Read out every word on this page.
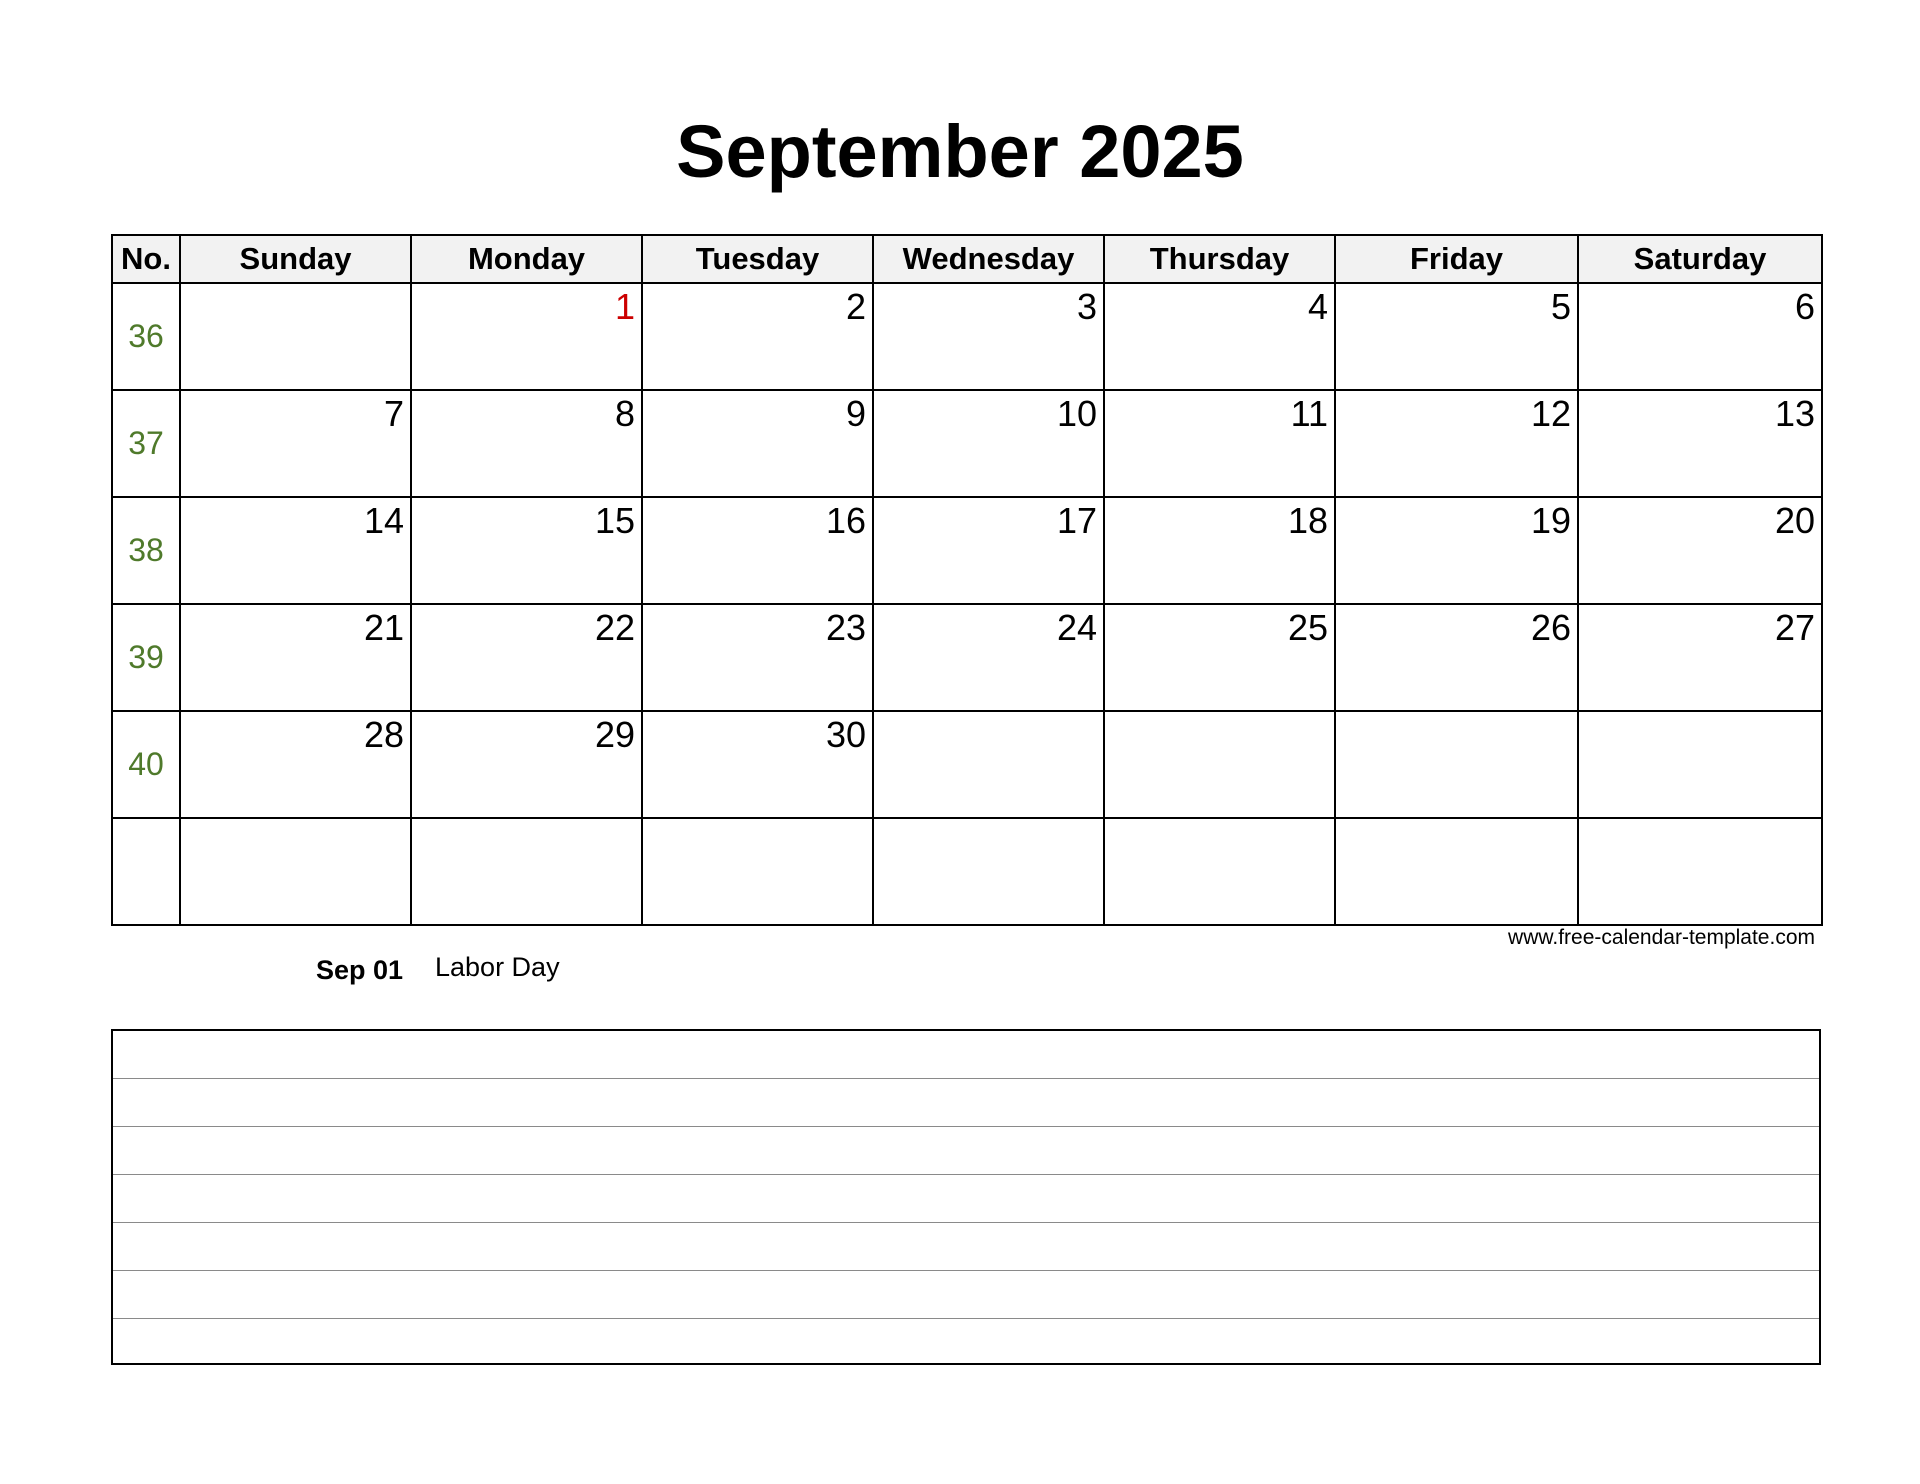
September 2025
No.	Sunday	Monday	Tuesday	Wednesday	Thursday	Friday	Saturday
36		1	2	3	4	5	6
37	7	8	9	10	11	12	13
38	14	15	16	17	18	19	20
39	21	22	23	24	25	26	27
40	28	29	30				

www.free-calendar-template.com
Sep 01	Labor Day
